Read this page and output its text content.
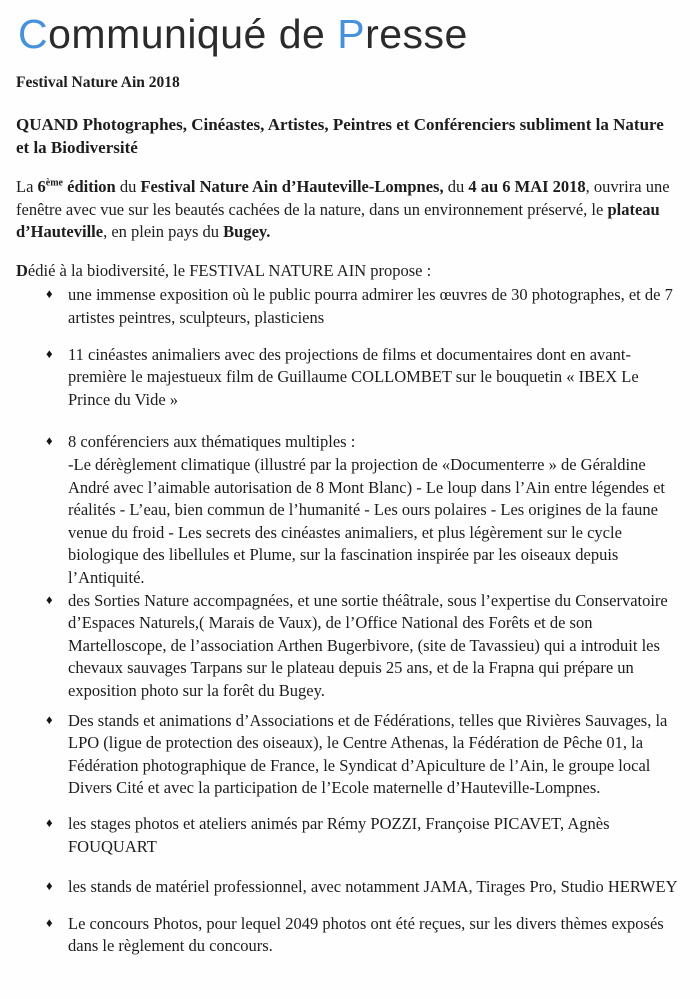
Communiqué de Presse

Festival Nature Ain 2018

QUAND Photographes, Cinéastes, Artistes, Peintres et Conférenciers subliment la Nature et la Biodiversité

La 6ème édition du Festival Nature Ain d’Hauteville-Lompnes, du 4 au 6 MAI 2018, ouvrira une fenêtre avec vue sur les beautés cachées de la nature, dans un environnement préservé, le plateau d’Hauteville, en plein pays du Bugey.

Dédié à la biodiversité, le FESTIVAL NATURE AIN propose :

♦ une immense exposition où le public pourra admirer les œuvres de 30 photographes, et de 7 artistes peintres, sculpteurs, plasticiens
♦ 11 cinéastes animaliers avec des projections de films et documentaires dont en avant-première le majestueux film de Guillaume COLLOMBET sur le bouquetin « IBEX Le Prince du Vide »
♦ 8 conférenciers aux thématiques multiples :
-Le dérèglement climatique (illustré par la projection de «Documenterre » de Géraldine André avec l’aimable autorisation de 8 Mont Blanc) - Le loup dans l’Ain entre légendes et réalités - L’eau, bien commun de l’humanité - Les ours polaires - Les origines de la faune venue du froid - Les secrets des cinéastes animaliers, et plus légèrement sur le cycle biologique des libellules et Plume, sur la fascination inspirée par les oiseaux depuis l’Antiquité.
♦ des Sorties Nature accompagnées, et une sortie théâtrale, sous l’expertise du Conservatoire d’Espaces Naturels,( Marais de Vaux), de l’Office National des Forêts et de son Martelloscope, de l’association Arthen Bugerbivore, (site de Tavassieu) qui a introduit les chevaux sauvages Tarpans sur le plateau depuis 25 ans, et de la Frapna qui prépare un exposition photo sur la forêt du Bugey.
♦ Des stands et animations d’Associations et de Fédérations, telles que Rivières Sauvages, la LPO (ligue de protection des oiseaux), le Centre Athenas, la Fédération de Pêche 01, la Fédération photographique de France, le Syndicat d’Apiculture de l’Ain, le groupe local Divers Cité et avec la participation de l’Ecole maternelle d’Hauteville-Lompnes.
♦ les stages photos et ateliers animés par Rémy POZZI, Françoise PICAVET, Agnès FOUQUART
♦ les stands de matériel professionnel, avec notamment JAMA, Tirages Pro, Studio HERWEY
♦ Le concours Photos, pour lequel 2049 photos ont été reçues, sur les divers thèmes exposés dans le règlement du concours.
